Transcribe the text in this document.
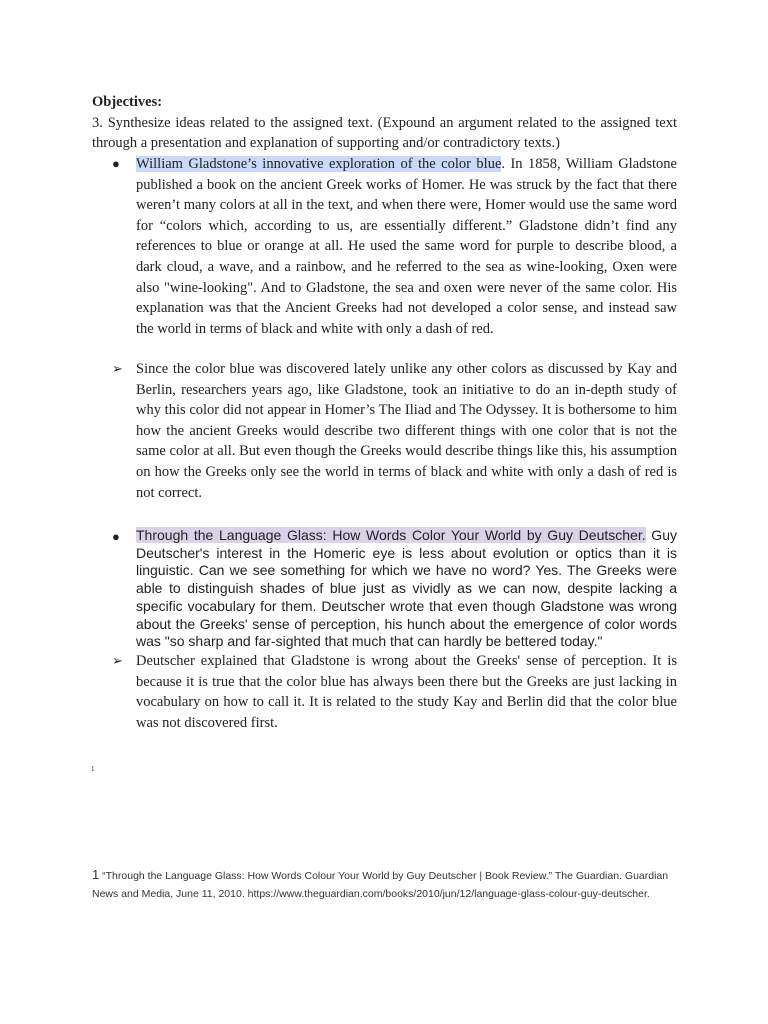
Objectives:
3. Synthesize ideas related to the assigned text. (Expound an argument related to the assigned text through a presentation and explanation of supporting and/or contradictory texts.)
●	William Gladstone’s innovative exploration of the color blue. In 1858, William Gladstone published a book on the ancient Greek works of Homer. He was struck by the fact that there weren’t many colors at all in the text, and when there were, Homer would use the same word for “colors which, according to us, are essentially different.” Gladstone didn’t find any references to blue or orange at all. He used the same word for purple to describe blood, a dark cloud, a wave, and a rainbow, and he referred to the sea as wine-looking, Oxen were also "wine-looking". And to Gladstone, the sea and oxen were never of the same color. His explanation was that the Ancient Greeks had not developed a color sense, and instead saw the world in terms of black and white with only a dash of red.
➢ Since the color blue was discovered lately unlike any other colors as discussed by Kay and Berlin, researchers years ago, like Gladstone, took an initiative to do an in-depth study of why this color did not appear in Homer’s The Iliad and The Odyssey. It is bothersome to him how the ancient Greeks would describe two different things with one color that is not the same color at all. But even though the Greeks would describe things like this, his assumption on how the Greeks only see the world in terms of black and white with only a dash of red is not correct.
●	Through the Language Glass: How Words Color Your World by Guy Deutscher. Guy Deutscher's interest in the Homeric eye is less about evolution or optics than it is linguistic. Can we see something for which we have no word? Yes. The Greeks were able to distinguish shades of blue just as vividly as we can now, despite lacking a specific vocabulary for them. Deutscher wrote that even though Gladstone was wrong about the Greeks' sense of perception, his hunch about the emergence of color words was "so sharp and far-sighted that much that can hardly be bettered today."
➢ Deutscher explained that Gladstone is wrong about the Greeks' sense of perception. It is because it is true that the color blue has always been there but the Greeks are just lacking in vocabulary on how to call it. It is related to the study Kay and Berlin did that the color blue was not discovered first.
1
1 “Through the Language Glass: How Words Colour Your World by Guy Deutscher | Book Review.” The Guardian. Guardian News and Media, June 11, 2010. https://www.theguardian.com/books/2010/jun/12/language-glass-colour-guy-deutscher.
